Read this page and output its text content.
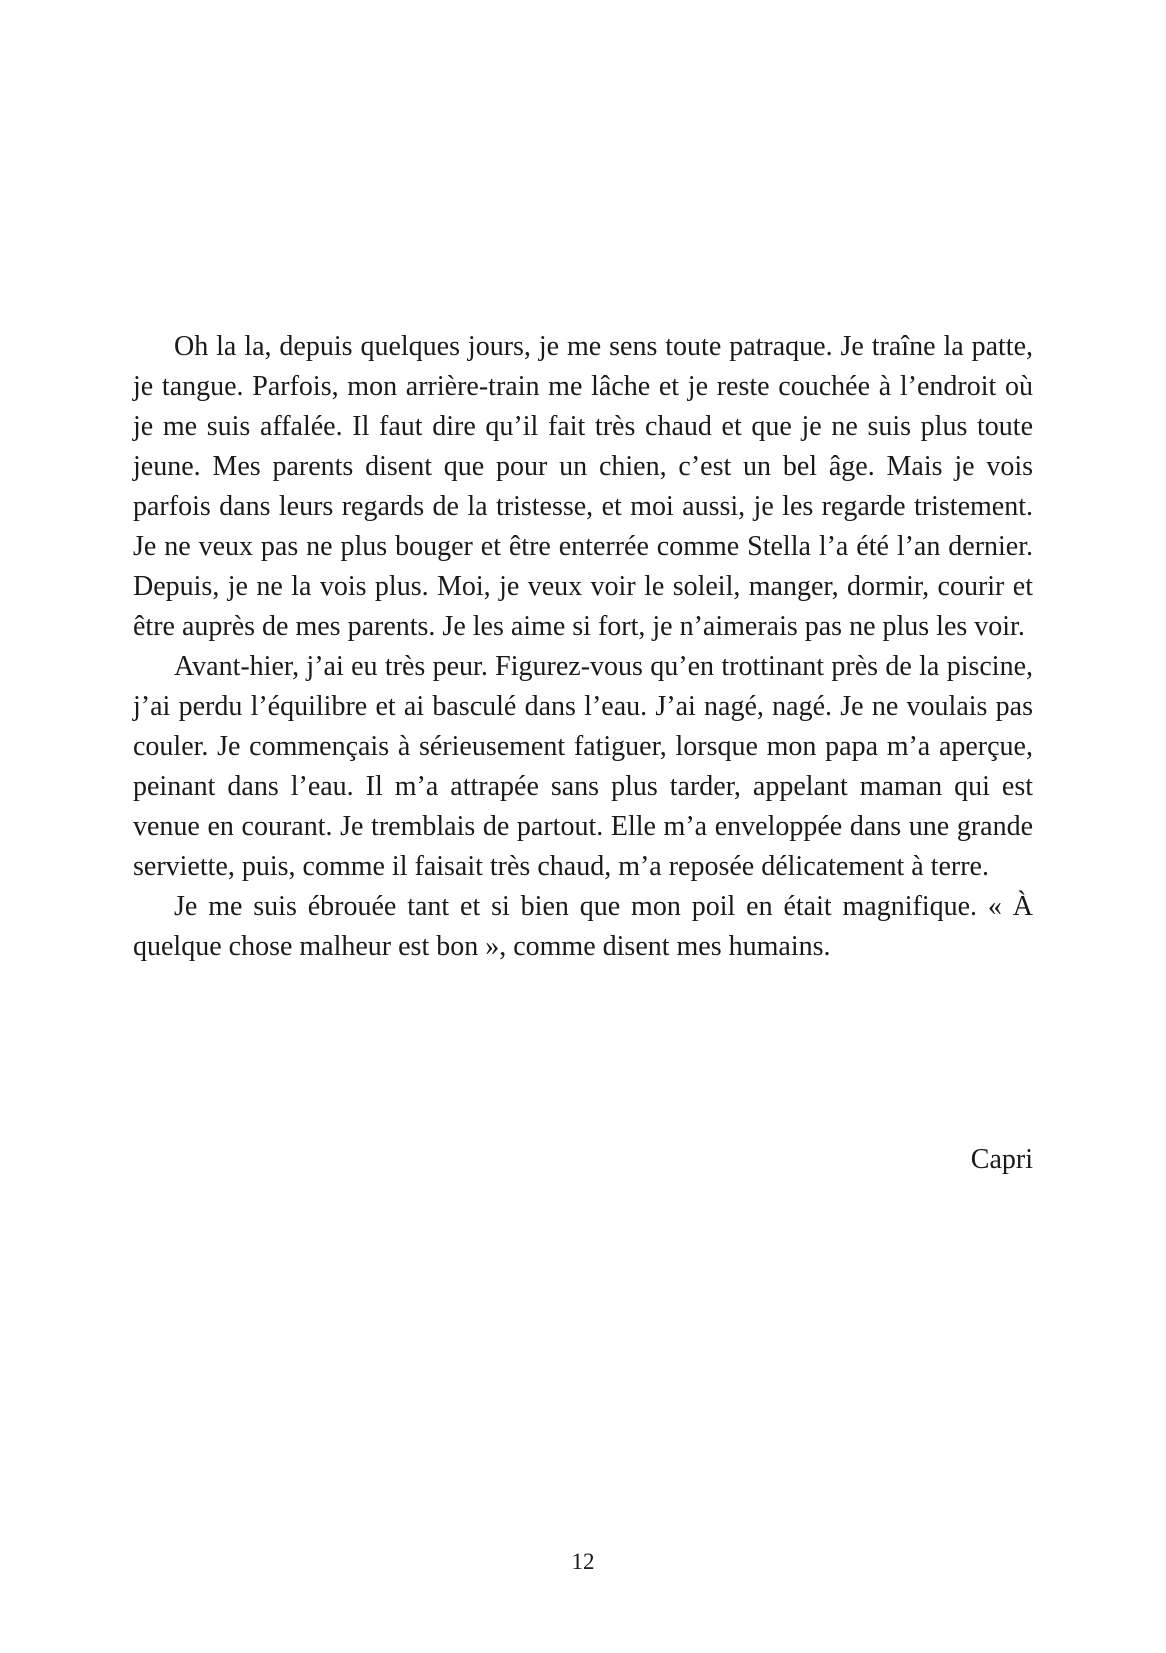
Oh la la, depuis quelques jours, je me sens toute patraque. Je traîne la patte, je tangue. Parfois, mon arrière-train me lâche et je reste couchée à l’endroit où je me suis affalée. Il faut dire qu’il fait très chaud et que je ne suis plus toute jeune. Mes parents disent que pour un chien, c’est un bel âge. Mais je vois parfois dans leurs regards de la tristesse, et moi aussi, je les regarde tristement. Je ne veux pas ne plus bouger et être enterrée comme Stella l’a été l’an dernier. Depuis, je ne la vois plus. Moi, je veux voir le soleil, manger, dormir, courir et être auprès de mes parents. Je les aime si fort, je n’aimerais pas ne plus les voir.

Avant-hier, j’ai eu très peur. Figurez-vous qu’en trottinant près de la piscine, j’ai perdu l’équilibre et ai basculé dans l’eau. J’ai nagé, nagé. Je ne voulais pas couler. Je commençais à sérieusement fatiguer, lorsque mon papa m’a aperçue, peinant dans l’eau. Il m’a attrapée sans plus tarder, appelant maman qui est venue en courant. Je tremblais de partout. Elle m’a enveloppée dans une grande serviette, puis, comme il faisait très chaud, m’a reposée délicatement à terre.

Je me suis ébrouée tant et si bien que mon poil en était magnifique. « À quelque chose malheur est bon », comme disent mes humains.

Capri
12
